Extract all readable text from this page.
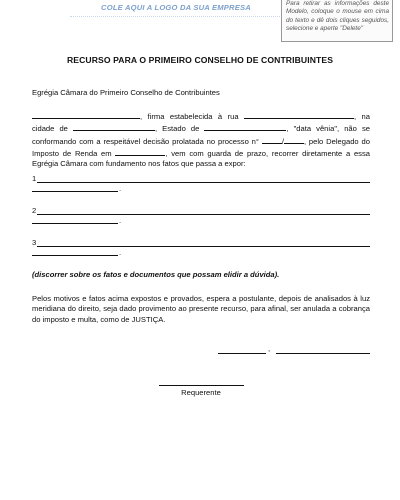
COLE AQUI A LOGO DA SUA EMPRESA	Para retirar as informações deste Modelo, coloque o mouse em cima do texto e dê dois cliques seguidos, selecione e aperte "Delete"
RECURSO PARA O PRIMEIRO CONSELHO DE CONTRIBUINTES
Egrégia Câmara do Primeiro Conselho de Contribuintes
, firma estabelecida à rua	, na cidade de	, Estado de	, "data vênia", não se conformando com a respeitável decisão prolatada no processo n°	/	, pelo Delegado do Imposto de Renda em	, vem com guarda de prazo, recorrer diretamente a essa Egrégia Câmara com fundamento nos fatos que passa a expor:
1
.
2
.
3
.
(discorrer sobre os fatos e documentos que possam elidir a dúvida).
Pelos motivos e fatos acima expostos e provados, espera a postulante, depois de analisados à luz meridiana do direito, seja dado provimento ao presente recurso, para afinal, ser anulada a cobrança do imposto e multa, como de JUSTIÇA.
,
Requerente
